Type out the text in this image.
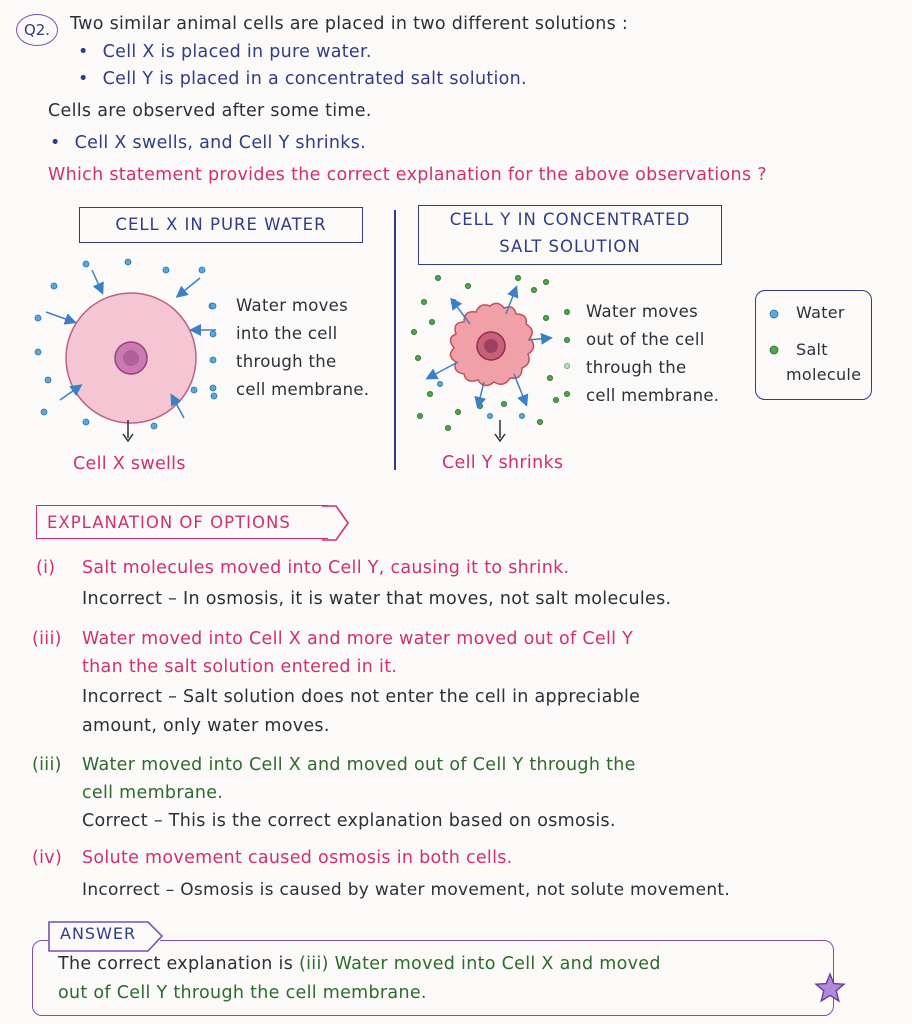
Q2.	Two similar animal cells are placed in two different solutions :
• Cell X is placed in pure water.
• Cell Y is placed in a concentrated salt solution.
Cells are observed after some time.
• Cell X swells, and Cell Y shrinks.
Which statement provides the correct explanation for the above observations ?
CELL X IN PURE WATER	CELL Y IN CONCENTRATED
SALT SOLUTION
Water moves
into the cell
through the
cell membrane.
Cell X swells
Water moves
out of the cell
through the
cell membrane.
Cell Y shrinks
Water
Salt
molecule
EXPLANATION OF OPTIONS
(i) Salt molecules moved into Cell Y, causing it to shrink.
Incorrect – In osmosis, it is water that moves, not salt molecules.
(iii) Water moved into Cell X and more water moved out of Cell Y
than the salt solution entered in it.
Incorrect – Salt solution does not enter the cell in appreciable
amount, only water moves.
(iii) Water moved into Cell X and moved out of Cell Y through the
cell membrane.
Correct – This is the correct explanation based on osmosis.
(iv) Solute movement caused osmosis in both cells.
Incorrect – Osmosis is caused by water movement, not solute movement.
ANSWER
The correct explanation is (iii) Water moved into Cell X and moved
out of Cell Y through the cell membrane.
